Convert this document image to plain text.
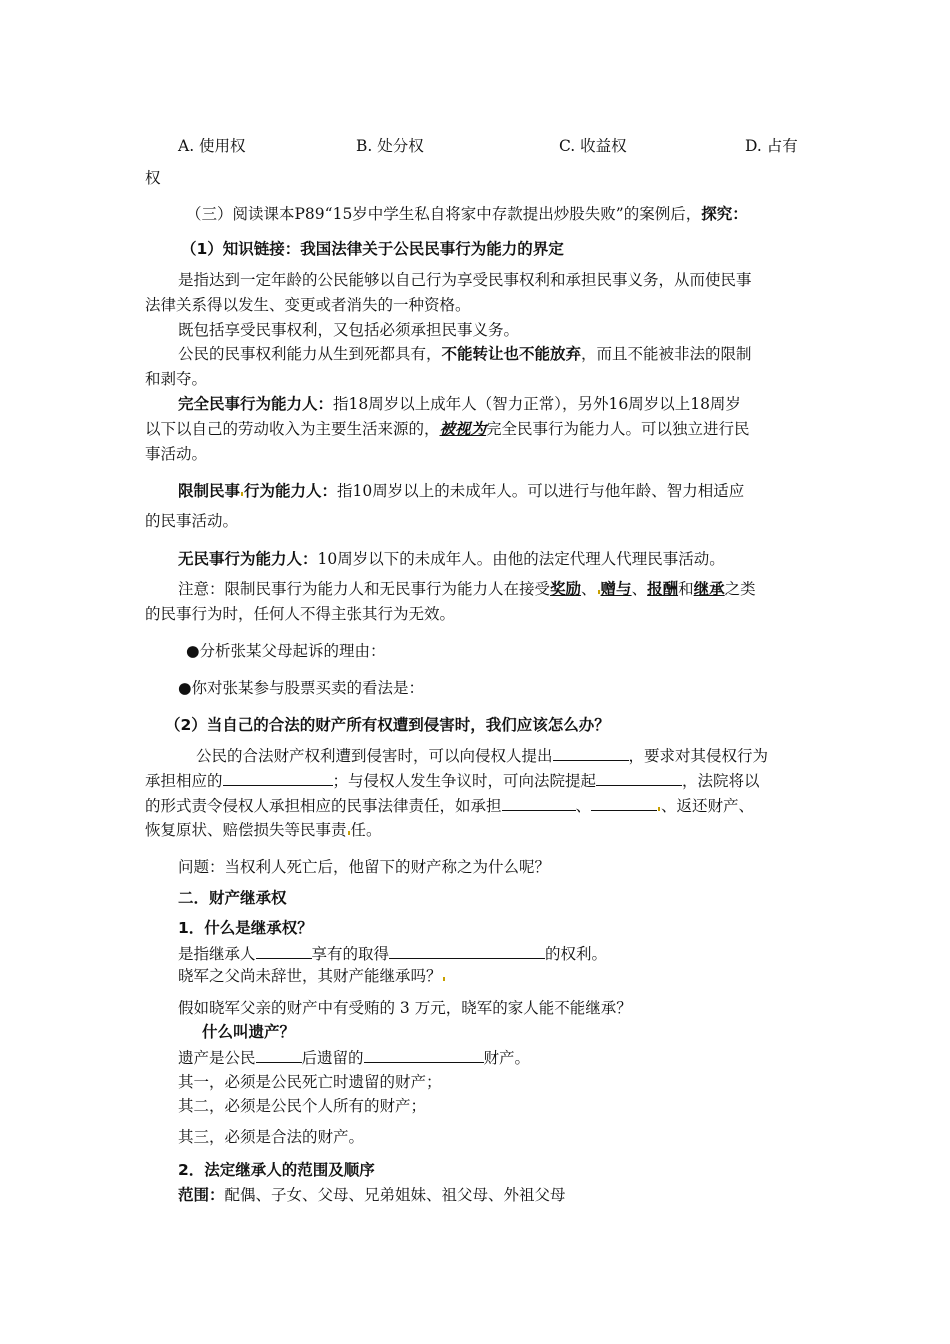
A. 使用权	B. 处分权	C. 收益权	D. 占有
权
（三）阅读课本P89“15岁中学生私自将家中存款提出炒股失败”的案例后，探究：
（1）知识链接：我国法律关于公民民事行为能力的界定
是指达到一定年龄的公民能够以自己行为享受民事权利和承担民事义务，从而使民事
法律关系得以发生、变更或者消失的一种资格。
既包括享受民事权利，又包括必须承担民事义务。
公民的民事权利能力从生到死都具有，不能转让也不能放弃，而且不能被非法的限制
和剥夺。
完全民事行为能力人：指18周岁以上成年人（智力正常），另外16周岁以上18周岁
以下以自己的劳动收入为主要生活来源的，被视为完全民事行为能力人。可以独立进行民
事活动。
限制民事 行为能力人：指10周岁以上的未成年人。可以进行与他年龄、智力相适应
的民事活动。
无民事行为能力人：10周岁以下的未成年人。由他的法定代理人代理民事活动。
注意：限制民事行为能力人和无民事行为能力人在接受奖励、 赠与、报酬和继承之类
的民事行为时，任何人不得主张其行为无效。
●分析张某父母起诉的理由：
●你对张某参与股票买卖的看法是：
（2）当自己的合法的财产所有权遭到侵害时，我们应该怎么办？
公民的合法财产权利遭到侵害时，可以向侵权人提出	，要求对其侵权行为
承担相应的	；与侵权人发生争议时，可向法院提起	，法院将以
的形式责令侵权人承担相应的民事法律责任，如承担	、	、返还财产、
恢复原状、赔偿损失等民事责 任。
问题：当权利人死亡后，他留下的财产称之为什么呢？
二．财产继承权
1．什么是继承权？
是指继承人	享有的取得	的权利。
晓军之父尚未辞世，其财产能继承吗？
假如晓军父亲的财产中有受贿的 3 万元，晓军的家人能不能继承？
什么叫遗产？
遗产是公民	后遗留的	财产。
其一，必须是公民死亡时遗留的财产；
其二，必须是公民个人所有的财产；
其三，必须是合法的财产。
2．法定继承人的范围及顺序
范围：配偶、子女、父母、兄弟姐妹、祖父母、外祖父母
